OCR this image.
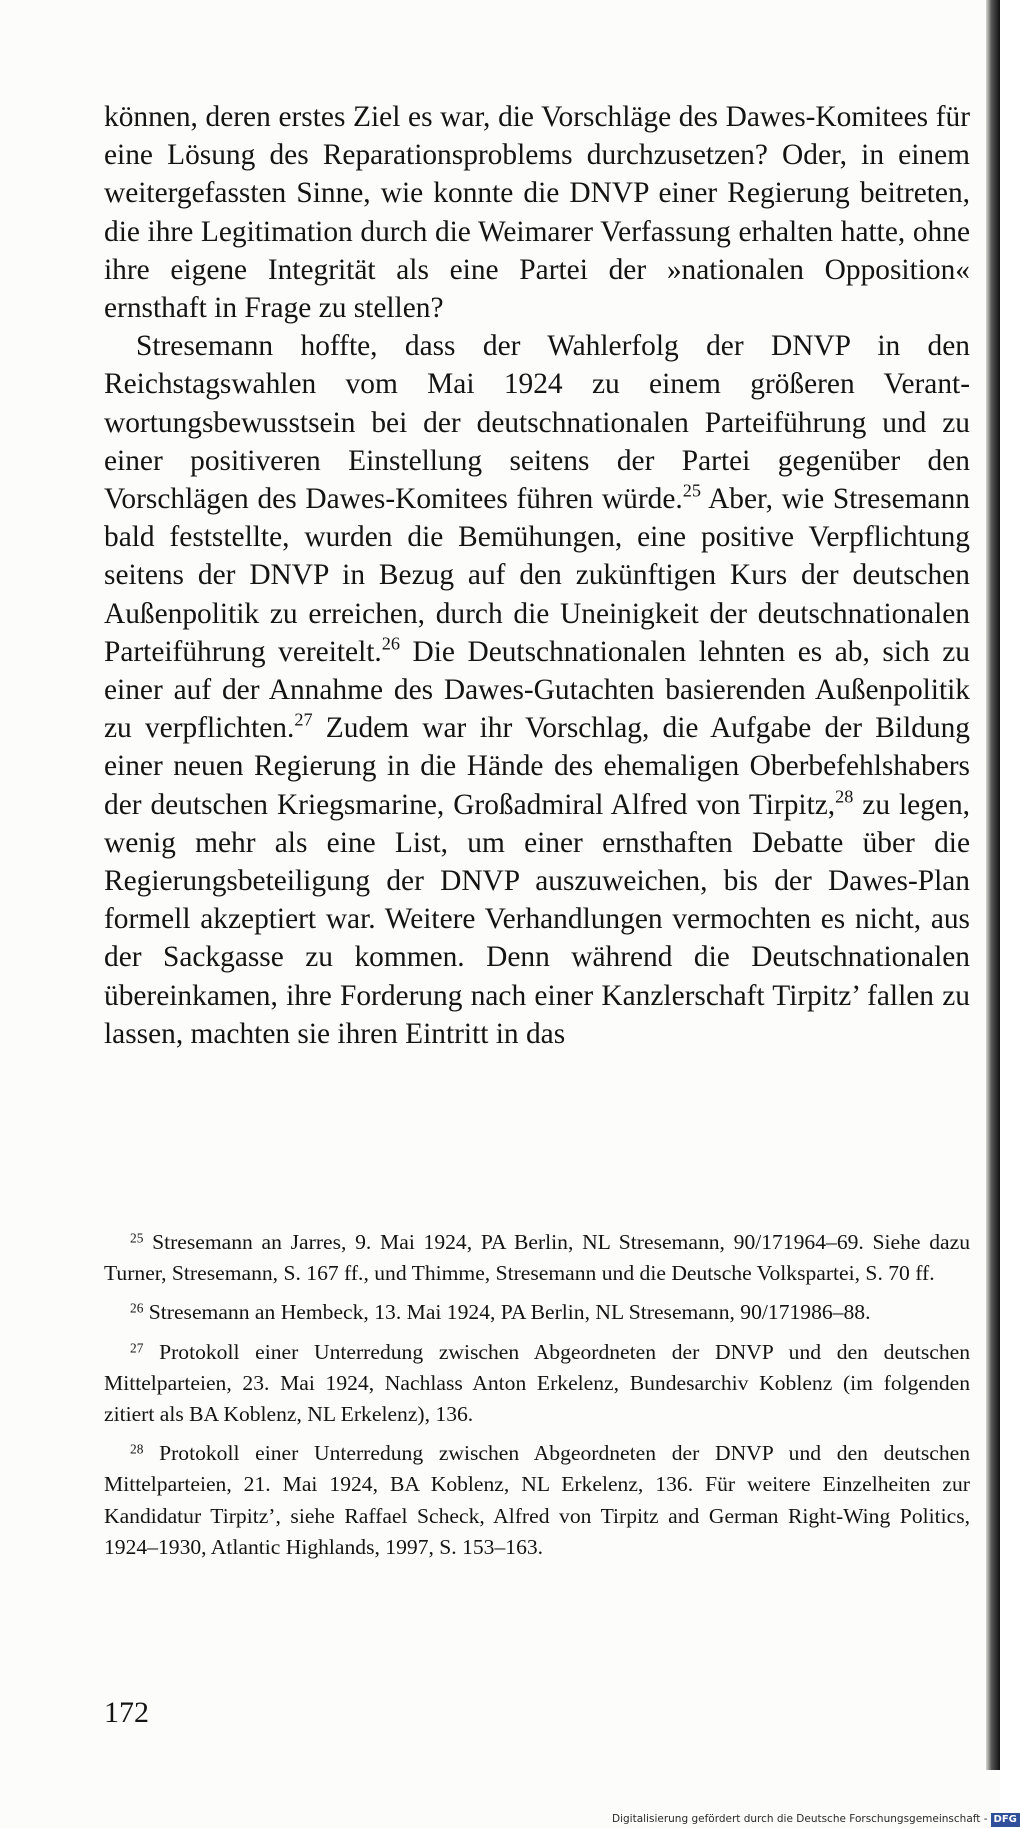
können, deren erstes Ziel es war, die Vorschläge des Dawes-Komitees für eine Lösung des Reparationsproblems durchzusetzen? Oder, in einem weitergefassten Sinne, wie konnte die DNVP einer Regierung beitreten, die ihre Legitimation durch die Weimarer Verfassung erhalten hatte, ohne ihre eigene Integrität als eine Partei der »nationalen Opposition« ernsthaft in Frage zu stellen?

Stresemann hoffte, dass der Wahlerfolg der DNVP in den Reichstagswahlen vom Mai 1924 zu einem größeren Verantwortungsbewusstsein bei der deutschnationalen Parteiführung und zu einer positiveren Einstellung seitens der Partei gegenüber den Vorschlägen des Dawes-Komitees führen würde.$^{25}$ Aber, wie Stresemann bald feststellte, wurden die Bemühungen, eine positive Verpflichtung seitens der DNVP in Bezug auf den zukünftigen Kurs der deutschen Außenpolitik zu erreichen, durch die Uneinigkeit der deutschnationalen Parteiführung vereitelt.$^{26}$ Die Deutschnationalen lehnten es ab, sich zu einer auf der Annahme des Dawes-Gutachten basierenden Außenpolitik zu verpflichten.$^{27}$ Zudem war ihr Vorschlag, die Aufgabe der Bildung einer neuen Regierung in die Hände des ehemaligen Oberbefehlshabers der deutschen Kriegsmarine, Großadmiral Alfred von Tirpitz,$^{28}$ zu legen, wenig mehr als eine List, um einer ernsthaften Debatte über die Regierungsbeteiligung der DNVP auszuweichen, bis der Dawes-Plan formell akzeptiert war. Weitere Verhandlungen vermochten es nicht, aus der Sackgasse zu kommen. Denn während die Deutschnationalen übereinkamen, ihre Forderung nach einer Kanzlerschaft Tirpitz’ fallen zu lassen, machten sie ihren Eintritt in das

$^{25}$ Stresemann an Jarres, 9. Mai 1924, PA Berlin, NL Stresemann, 90/171964–69. Siehe dazu Turner, Stresemann, S. 167 ff., und Thimme, Stresemann und die Deutsche Volkspartei, S. 70 ff.

$^{26}$ Stresemann an Hembeck, 13. Mai 1924, PA Berlin, NL Stresemann, 90/171986–88.

$^{27}$ Protokoll einer Unterredung zwischen Abgeordneten der DNVP und den deutschen Mittelparteien, 23. Mai 1924, Nachlass Anton Erkelenz, Bundesarchiv Koblenz (im folgenden zitiert als BA Koblenz, NL Erkelenz), 136.

$^{28}$ Protokoll einer Unterredung zwischen Abgeordneten der DNVP und den deutschen Mittelparteien, 21. Mai 1924, BA Koblenz, NL Erkelenz, 136. Für weitere Einzelheiten zur Kandidatur Tirpitz’, siehe Raffael Scheck, Alfred von Tirpitz and German Right-Wing Politics, 1924–1930, Atlantic Highlands, 1997, S. 153–163.

172
Digitalisierung gefördert durch die Deutsche Forschungsgemeinschaft - DFG
